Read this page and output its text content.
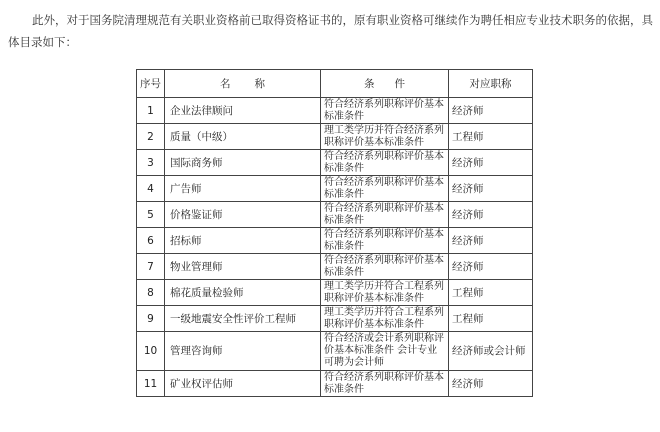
此外，对于国务院清理规范有关职业资格前已取得资格证书的，原有职业资格可继续作为聘任相应专业技术职务的依据，具体目录如下：

序号	名称	条件	对应职称
1	企业法律顾问	符合经济系列职称评价基本标准条件	经济师
2	质量（中级）	理工类学历并符合经济系列职称评价基本标准条件	工程师
3	国际商务师	符合经济系列职称评价基本标准条件	经济师
4	广告师	符合经济系列职称评价基本标准条件	经济师
5	价格鉴证师	符合经济系列职称评价基本标准条件	经济师
6	招标师	符合经济系列职称评价基本标准条件	经济师
7	物业管理师	符合经济系列职称评价基本标准条件	经济师
8	棉花质量检验师	理工类学历并符合工程系列职称评价基本标准条件	工程师
9	一级地震安全性评价工程师	理工类学历并符合工程系列职称评价基本标准条件	工程师
10	管理咨询师	符合经济或会计系列职称评价基本标准条件 会计专业可聘为会计师	经济师或会计师
11	矿业权评估师	符合经济系列职称评价基本标准条件	经济师
